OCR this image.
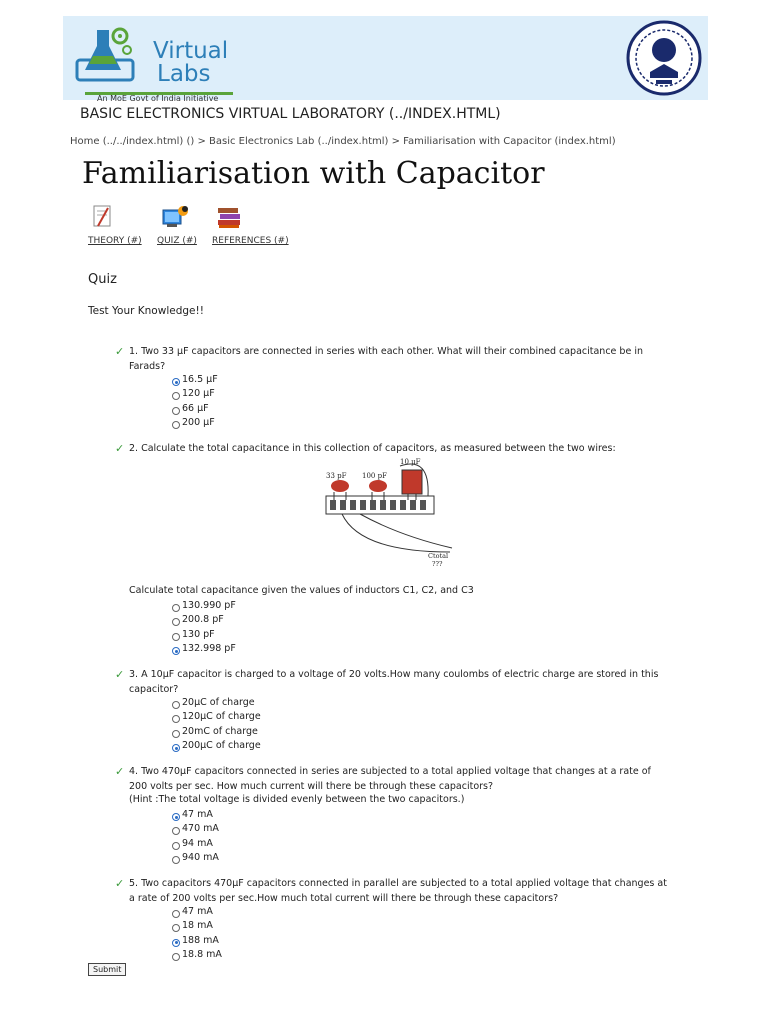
Virtual
Labs
An MoE Govt of India Initiative
BASIC ELECTRONICS VIRTUAL LABORATORY (../INDEX.HTML)
Home (../../index.html) () > Basic Electronics Lab (../index.html) > Familiarisation with Capacitor (index.html)
Familiarisation with Capacitor
THEORY (#) QUIZ (#) REFERENCES (#)
Quiz
Test Your Knowledge!!
✓ 1. Two 33 µF capacitors are connected in series with each other. What will their combined capacitance be in Farads?
16.5 µF
120 µF
66 µF
200 µF
✓ 2. Calculate the total capacitance in this collection of capacitors, as measured between the two wires:
33 pF 100 pF
10 µF
Ctotal
???
Calculate total capacitance given the values of inductors C1, C2, and C3
130.990 pF
200.8 pF
130 pF
132.998 pF
✓ 3. A 10µF capacitor is charged to a voltage of 20 volts.How many coulombs of electric charge are stored in this capacitor?
20µC of charge
120µC of charge
20mC of charge
200µC of charge
✓ 4. Two 470µF capacitors connected in series are subjected to a total applied voltage that changes at a rate of 200 volts per sec. How much current will there be through these capacitors?
(Hint :The total voltage is divided evenly between the two capacitors.)
47 mA
470 mA
94 mA
940 mA
✓ 5. Two capacitors 470µF capacitors connected in parallel are subjected to a total applied voltage that changes at a rate of 200 volts per sec.How much total current will there be through these capacitors?
47 mA
18 mA
188 mA
18.8 mA
Submit
